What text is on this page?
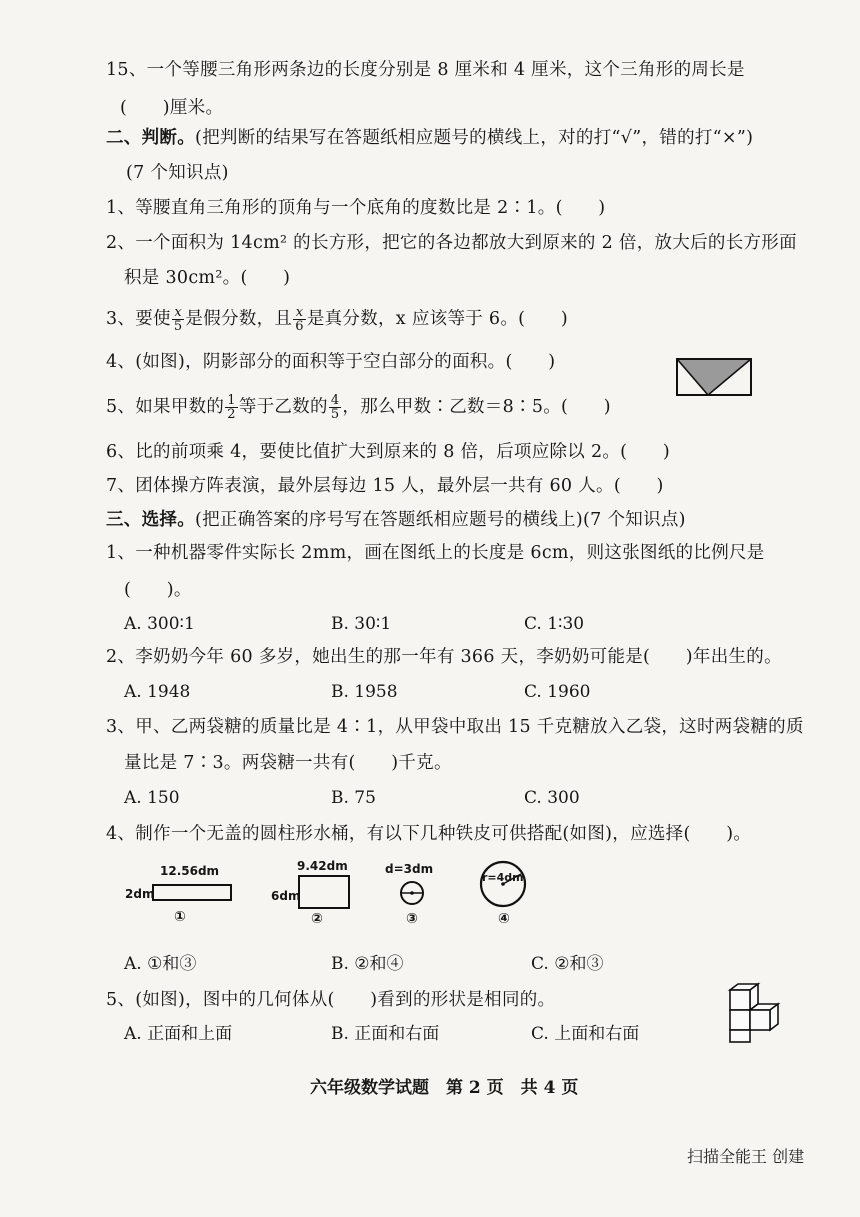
15、一个等腰三角形两条边的长度分别是 8 厘米和 4 厘米，这个三角形的周长是
(　　)厘米。
二、判断。(把判断的结果写在答题纸相应题号的横线上，对的打“√”，错的打“×”)
(7 个知识点)
1、等腰直角三角形的顶角与一个底角的度数比是 2∶1。(　　)
2、一个面积为 14cm² 的长方形，把它的各边都放大到原来的 2 倍，放大后的长方形面
积是 30cm²。(　　)
3、要使 $\frac{x}{5}$ 是假分数，且 $\frac{x}{6}$ 是真分数，x 应该等于 6。(　　)
4、(如图)，阴影部分的面积等于空白部分的面积。(　　)
5、如果甲数的 $\frac{1}{2}$ 等于乙数的 $\frac{4}{5}$ ，那么甲数∶乙数＝8∶5。(　　)
6、比的前项乘 4，要使比值扩大到原来的 8 倍，后项应除以 2。(　　)
7、团体操方阵表演，最外层每边 15 人，最外层一共有 60 人。(　　)
三、选择。(把正确答案的序号写在答题纸相应题号的横线上)(7 个知识点)
1、一种机器零件实际长 2mm，画在图纸上的长度是 6cm，则这张图纸的比例尺是
(　　)。
A. 300∶1	B. 30∶1	C. 1∶30
2、李奶奶今年 60 多岁，她出生的那一年有 366 天，李奶奶可能是(　　)年出生的。
A. 1948	B. 1958	C. 1960
3、甲、乙两袋糖的质量比是 4∶1，从甲袋中取出 15 千克糖放入乙袋，这时两袋糖的质
量比是 7∶3。两袋糖一共有(　　)千克。
A. 150	B. 75	C. 300
4、制作一个无盖的圆柱形水桶，有以下几种铁皮可供搭配(如图)，应选择(　　)。
12.56dm
2dm
①
9.42dm
6dm
②
d=3dm
③
r=4dm
④
A. ①和③	B. ②和④	C. ②和③
5、(如图)，图中的几何体从(　　)看到的形状是相同的。
A. 正面和上面	B. 正面和右面	C. 上面和右面
六年级数学试题　第 2 页　共 4 页
扫描全能王 创建
